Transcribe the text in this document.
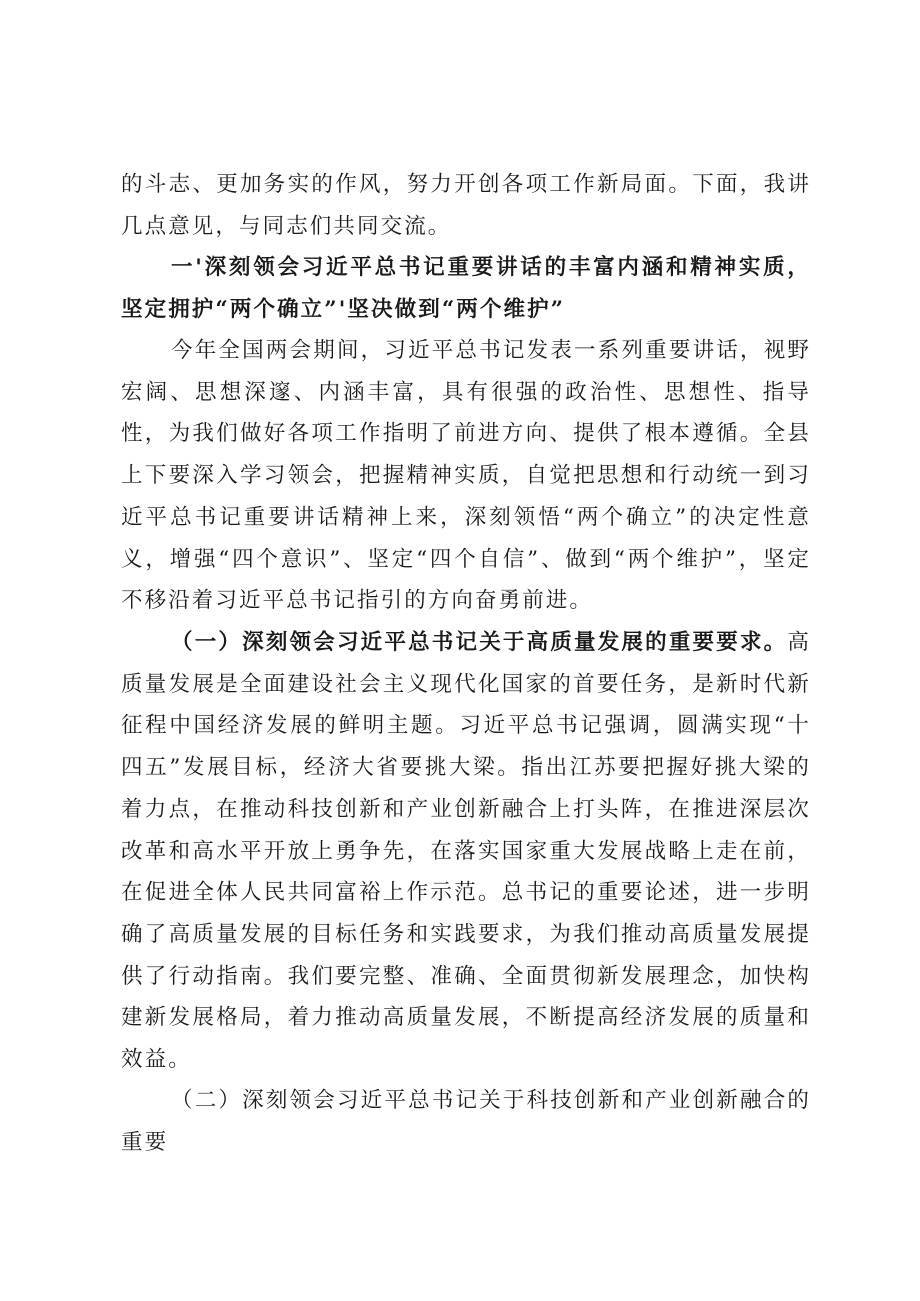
的斗志、更加务实的作风，努力开创各项工作新局面。下面，我讲几点意见，与同志们共同交流。

一'深刻领会习近平总书记重要讲话的丰富内涵和精神实质，坚定拥护“两个确立”'坚决做到“两个维护”

今年全国两会期间，习近平总书记发表一系列重要讲话，视野宏阔、思想深邃、内涵丰富，具有很强的政治性、思想性、指导性，为我们做好各项工作指明了前进方向、提供了根本遵循。全县上下要深入学习领会，把握精神实质，自觉把思想和行动统一到习近平总书记重要讲话精神上来，深刻领悟“两个确立”的决定性意义，增强“四个意识”、坚定“四个自信”、做到“两个维护”，坚定不移沿着习近平总书记指引的方向奋勇前进。

（一）深刻领会习近平总书记关于高质量发展的重要要求。高质量发展是全面建设社会主义现代化国家的首要任务，是新时代新征程中国经济发展的鲜明主题。习近平总书记强调，圆满实现“十四五”发展目标，经济大省要挑大梁。指出江苏要把握好挑大梁的着力点，在推动科技创新和产业创新融合上打头阵，在推进深层次改革和高水平开放上勇争先，在落实国家重大发展战略上走在前，在促进全体人民共同富裕上作示范。总书记的重要论述，进一步明确了高质量发展的目标任务和实践要求，为我们推动高质量发展提供了行动指南。我们要完整、准确、全面贯彻新发展理念，加快构建新发展格局，着力推动高质量发展，不断提高经济发展的质量和效益。

（二）深刻领会习近平总书记关于科技创新和产业创新融合的重要
